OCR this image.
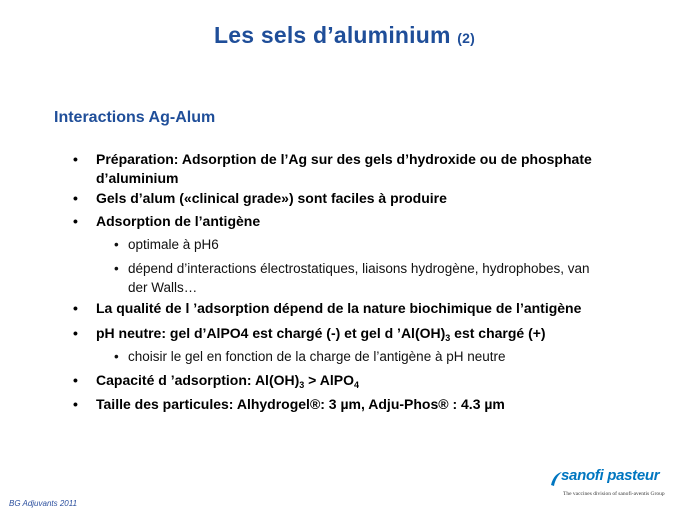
Les sels d’aluminium (2)
Interactions Ag-Alum
• Préparation: Adsorption de l’Ag sur des gels d’hydroxide ou de phosphate
d’aluminium
• Gels d’alum («clinical grade») sont faciles à produire
• Adsorption de l’antigène
• optimale à pH6
• dépend d’interactions électrostatiques, liaisons hydrogène, hydrophobes, van
der Walls…
• La qualité de l ’adsorption dépend de la nature biochimique de l’antigène
• pH neutre: gel d’AlPO4 est chargé (-) et gel d $’Al(OH)_3$ est chargé (+)
• choisir le gel en fonction de la charge de l’antigène à pH neutre
• Capacité d ’adsorption: $Al(OH)_3$ > AlPO$_4$
• Taille des particules: Alhydrogel®: 3 µm, Adju-Phos® : 4.3 µm
BG Adjuvants 2011
sanofi pasteur
The vaccines division of sanofi-aventis Group
